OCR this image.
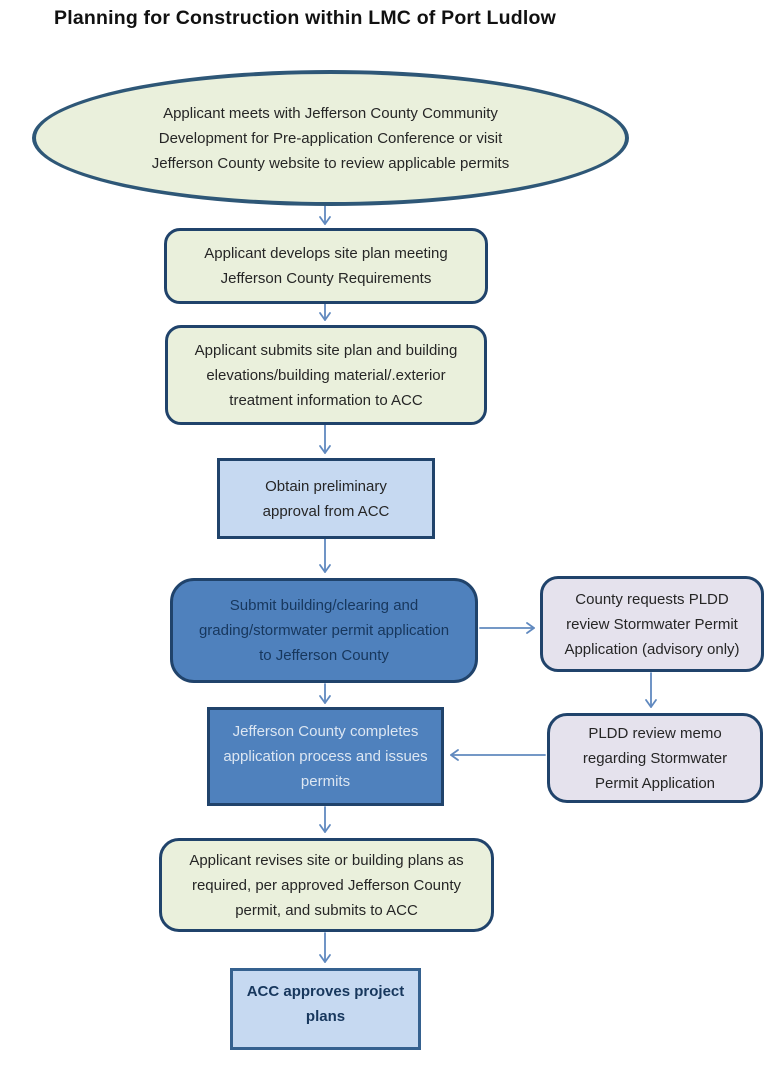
Planning for Construction within LMC of Port Ludlow
Applicant meets with Jefferson County Community
Development for Pre-application Conference or visit
Jefferson County website to review applicable permits
Applicant develops site plan meeting
Jefferson County Requirements
Applicant submits site plan and building
elevations/building material/.exterior
treatment information to ACC
Obtain preliminary
approval from ACC
Submit building/clearing and
grading/stormwater permit application
to Jefferson County
County requests PLDD
review Stormwater Permit
Application (advisory only)
Jefferson County completes
application process and issues
permits
PLDD review memo
regarding Stormwater
Permit Application
Applicant revises site or building plans as
required, per approved Jefferson County
permit, and submits to ACC
ACC approves project
plans
